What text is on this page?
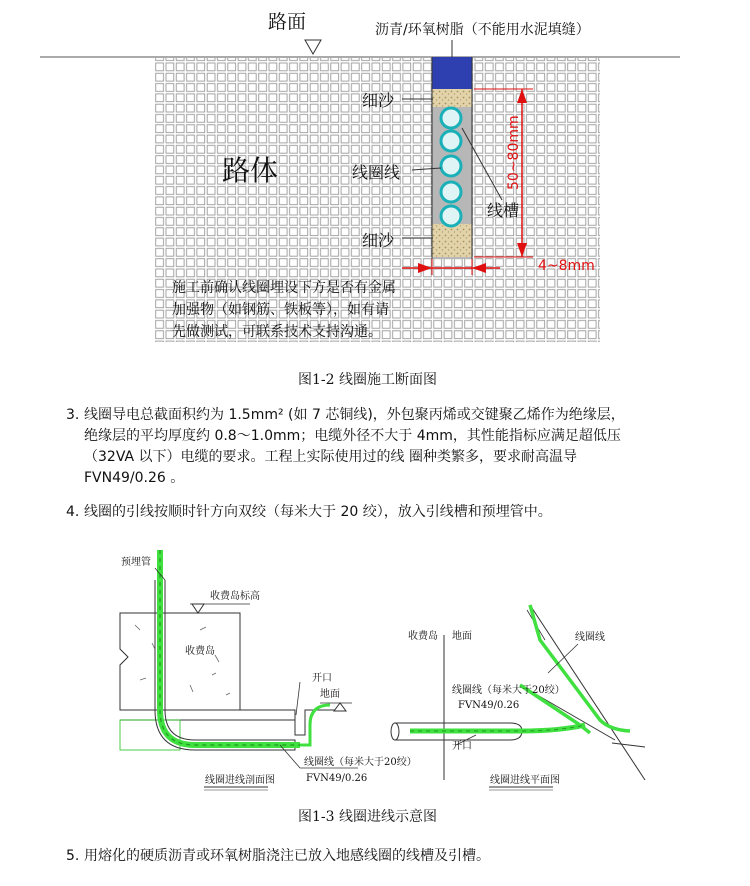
路面	沥青/环氧树脂（不能用水泥填缝）
细沙
路体	线圈线
线槽
细沙
50~80mm
4~8mm
施工前确认线圈埋设下方是否有金属
加强物（如钢筋、铁板等），如有请
先做测试，可联系技术支持沟通。
图1-2 线圈施工断面图
3. 线圈导电总截面积约为 1.5mm² (如 7 芯铜线)，外包聚丙烯或交键聚乙烯作为绝缘层，
绝缘层的平均厚度约 0.8～1.0mm；电缆外径不大于 4mm，其性能指标应满足超低压
（32VA 以下）电缆的要求。工程上实际使用过的线 圈种类繁多，要求耐高温导
FVN49/0.26 。
4. 线圈的引线按顺时针方向双绞（每米大于 20 绞），放入引线槽和预埋管中。
预埋管
收费岛标高
收费岛
开口
地面
线圈线（每米大于20绞）
FVN49/0.26
线圈进线剖面图
收费岛 地面	线圈线
线圈线（每米大于20绞）
FVN49/0.26
开口
线圈进线平面图
图1-3 线圈进线示意图
5. 用熔化的硬质沥青或环氧树脂浇注已放入地感线圈的线槽及引槽。
